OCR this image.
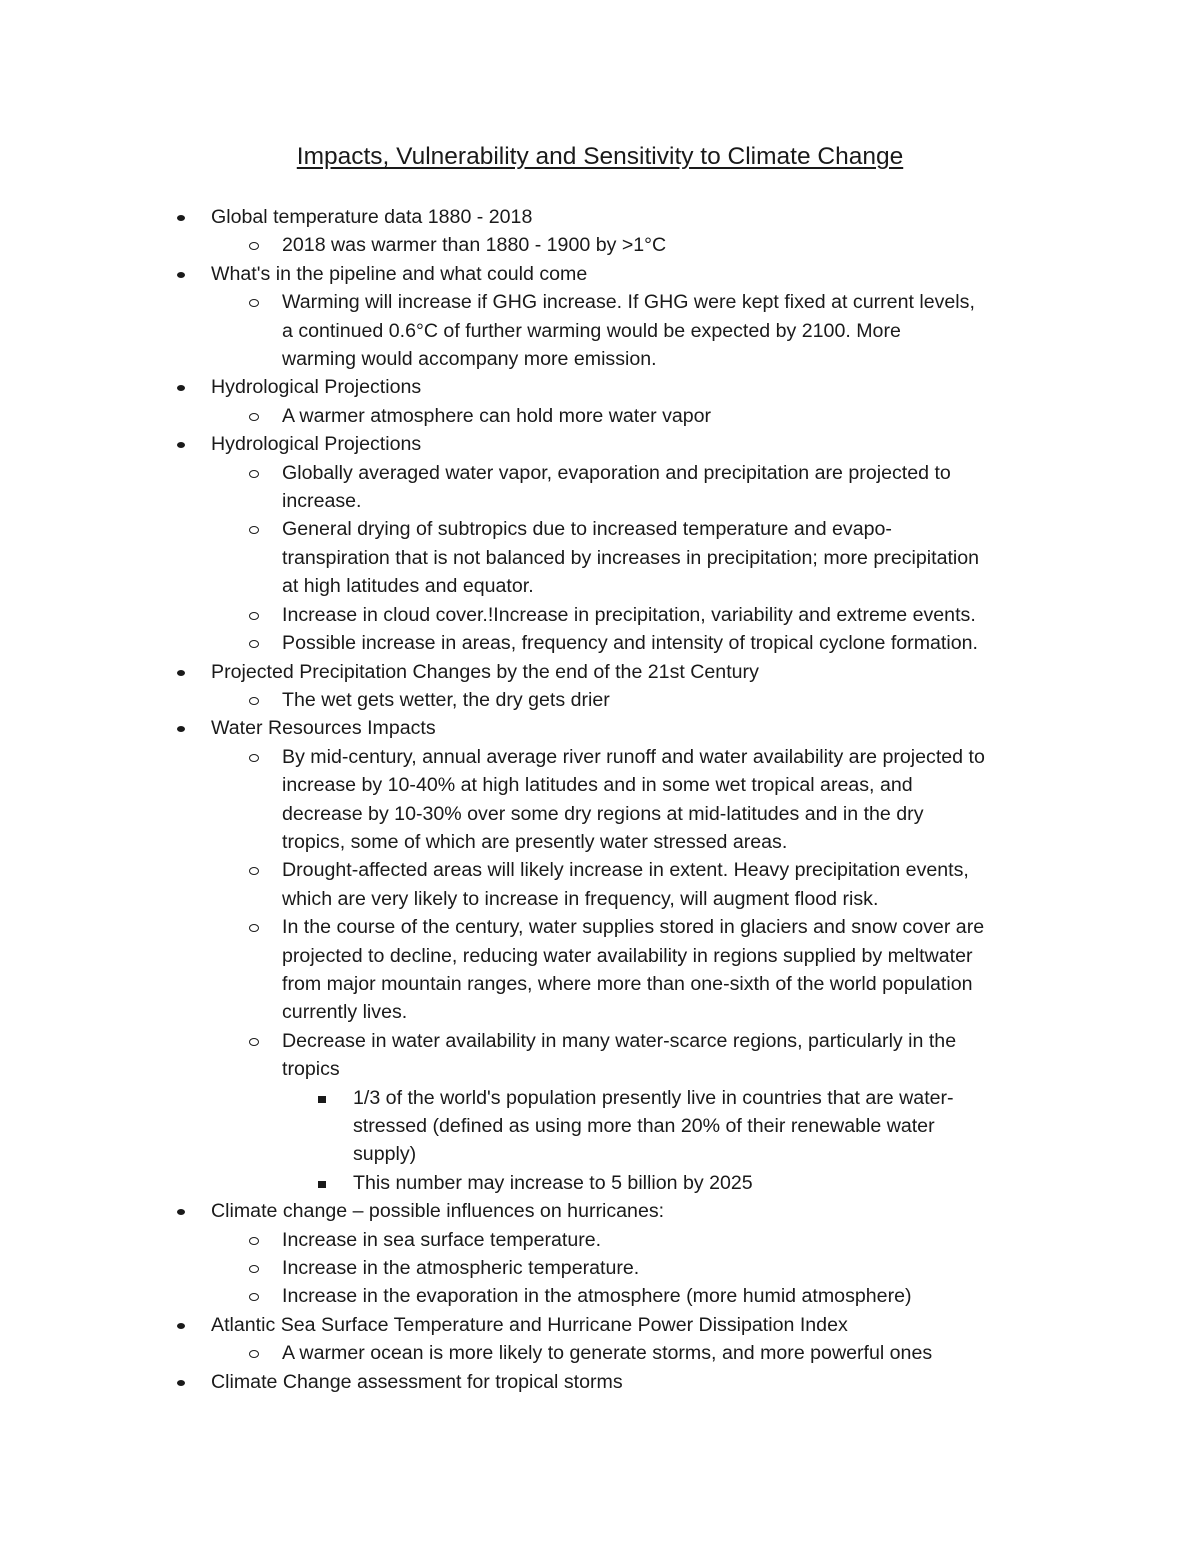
Impacts, Vulnerability and Sensitivity to Climate Change
Global temperature data 1880 - 2018
2018 was warmer than 1880 - 1900 by >1°C
What's in the pipeline and what could come
Warming will increase if GHG increase. If GHG were kept fixed at current levels,
a continued 0.6°C of further warming would be expected by 2100. More
warming would accompany more emission.
Hydrological Projections
A warmer atmosphere can hold more water vapor
Hydrological Projections
Globally averaged water vapor, evaporation and precipitation are projected to
increase.
General drying of subtropics due to increased temperature and evapo-
transpiration that is not balanced by increases in precipitation; more precipitation
at high latitudes and equator.
Increase in cloud cover.!Increase in precipitation, variability and extreme events.
Possible increase in areas, frequency and intensity of tropical cyclone formation.
Projected Precipitation Changes by the end of the 21st Century
The wet gets wetter, the dry gets drier
Water Resources Impacts
By mid-century, annual average river runoff and water availability are projected to
increase by 10-40% at high latitudes and in some wet tropical areas, and
decrease by 10-30% over some dry regions at mid-latitudes and in the dry
tropics, some of which are presently water stressed areas.
Drought-affected areas will likely increase in extent. Heavy precipitation events,
which are very likely to increase in frequency, will augment flood risk.
In the course of the century, water supplies stored in glaciers and snow cover are
projected to decline, reducing water availability in regions supplied by meltwater
from major mountain ranges, where more than one-sixth of the world population
currently lives.
Decrease in water availability in many water-scarce regions, particularly in the
tropics
1/3 of the world's population presently live in countries that are water-
stressed (defined as using more than 20% of their renewable water
supply)
This number may increase to 5 billion by 2025
Climate change – possible influences on hurricanes:
Increase in sea surface temperature.
Increase in the atmospheric temperature.
Increase in the evaporation in the atmosphere (more humid atmosphere)
Atlantic Sea Surface Temperature and Hurricane Power Dissipation Index
A warmer ocean is more likely to generate storms, and more powerful ones
Climate Change assessment for tropical storms
